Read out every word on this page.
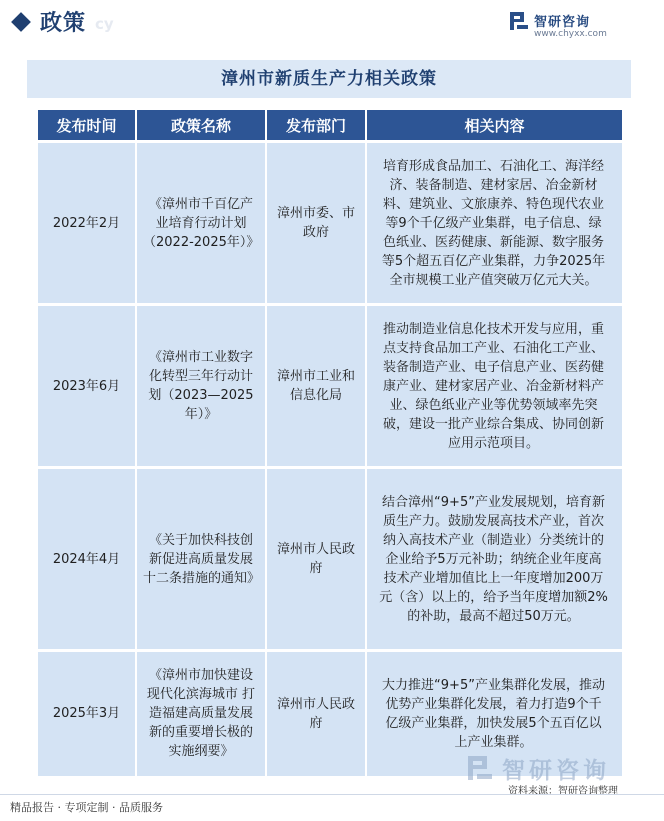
政策 cy	智研咨询
www.chyxx.com
漳州市新质生产力相关政策
发布时间	政策名称	发布部门	相关内容
2022年2月	《漳州市千百亿产业培育行动计划（2022-2025年）》	漳州市委、市政府	培育形成食品加工、石油化工、海洋经济、装备制造、建材家居、冶金新材料、建筑业、文旅康养、特色现代农业等9个千亿级产业集群，电子信息、绿色纸业、医药健康、新能源、数字服务等5个超五百亿产业集群，力争2025年全市规模工业产值突破万亿元大关。
2023年6月	《漳州市工业数字化转型三年行动计划（2023—2025年）》	漳州市工业和信息化局	推动制造业信息化技术开发与应用，重点支持食品加工产业、石油化工产业、装备制造产业、电子信息产业、医药健康产业、建材家居产业、冶金新材料产业、绿色纸业产业等优势领域率先突破，建设一批产业综合集成、协同创新应用示范项目。
2024年4月	《关于加快科技创新促进高质量发展十二条措施的通知》	漳州市人民政府	结合漳州“9+5”产业发展规划，培育新质生产力。鼓励发展高技术产业，首次纳入高技术产业（制造业）分类统计的企业给予5万元补助；纳统企业年度高技术产业增加值比上一年度增加200万元（含）以上的，给予当年度增加额2%的补助，最高不超过50万元。
2025年3月	《漳州市加快建设现代化滨海城市 打造福建高质量发展新的重要增长极的实施纲要》	漳州市人民政府	大力推进“9+5”产业集群化发展，推动优势产业集群化发展，着力打造9个千亿级产业集群，加快发展5个五百亿以上产业集群。
智研咨询
资料来源：智研咨询整理
精品报告 · 专项定制 · 品质服务
